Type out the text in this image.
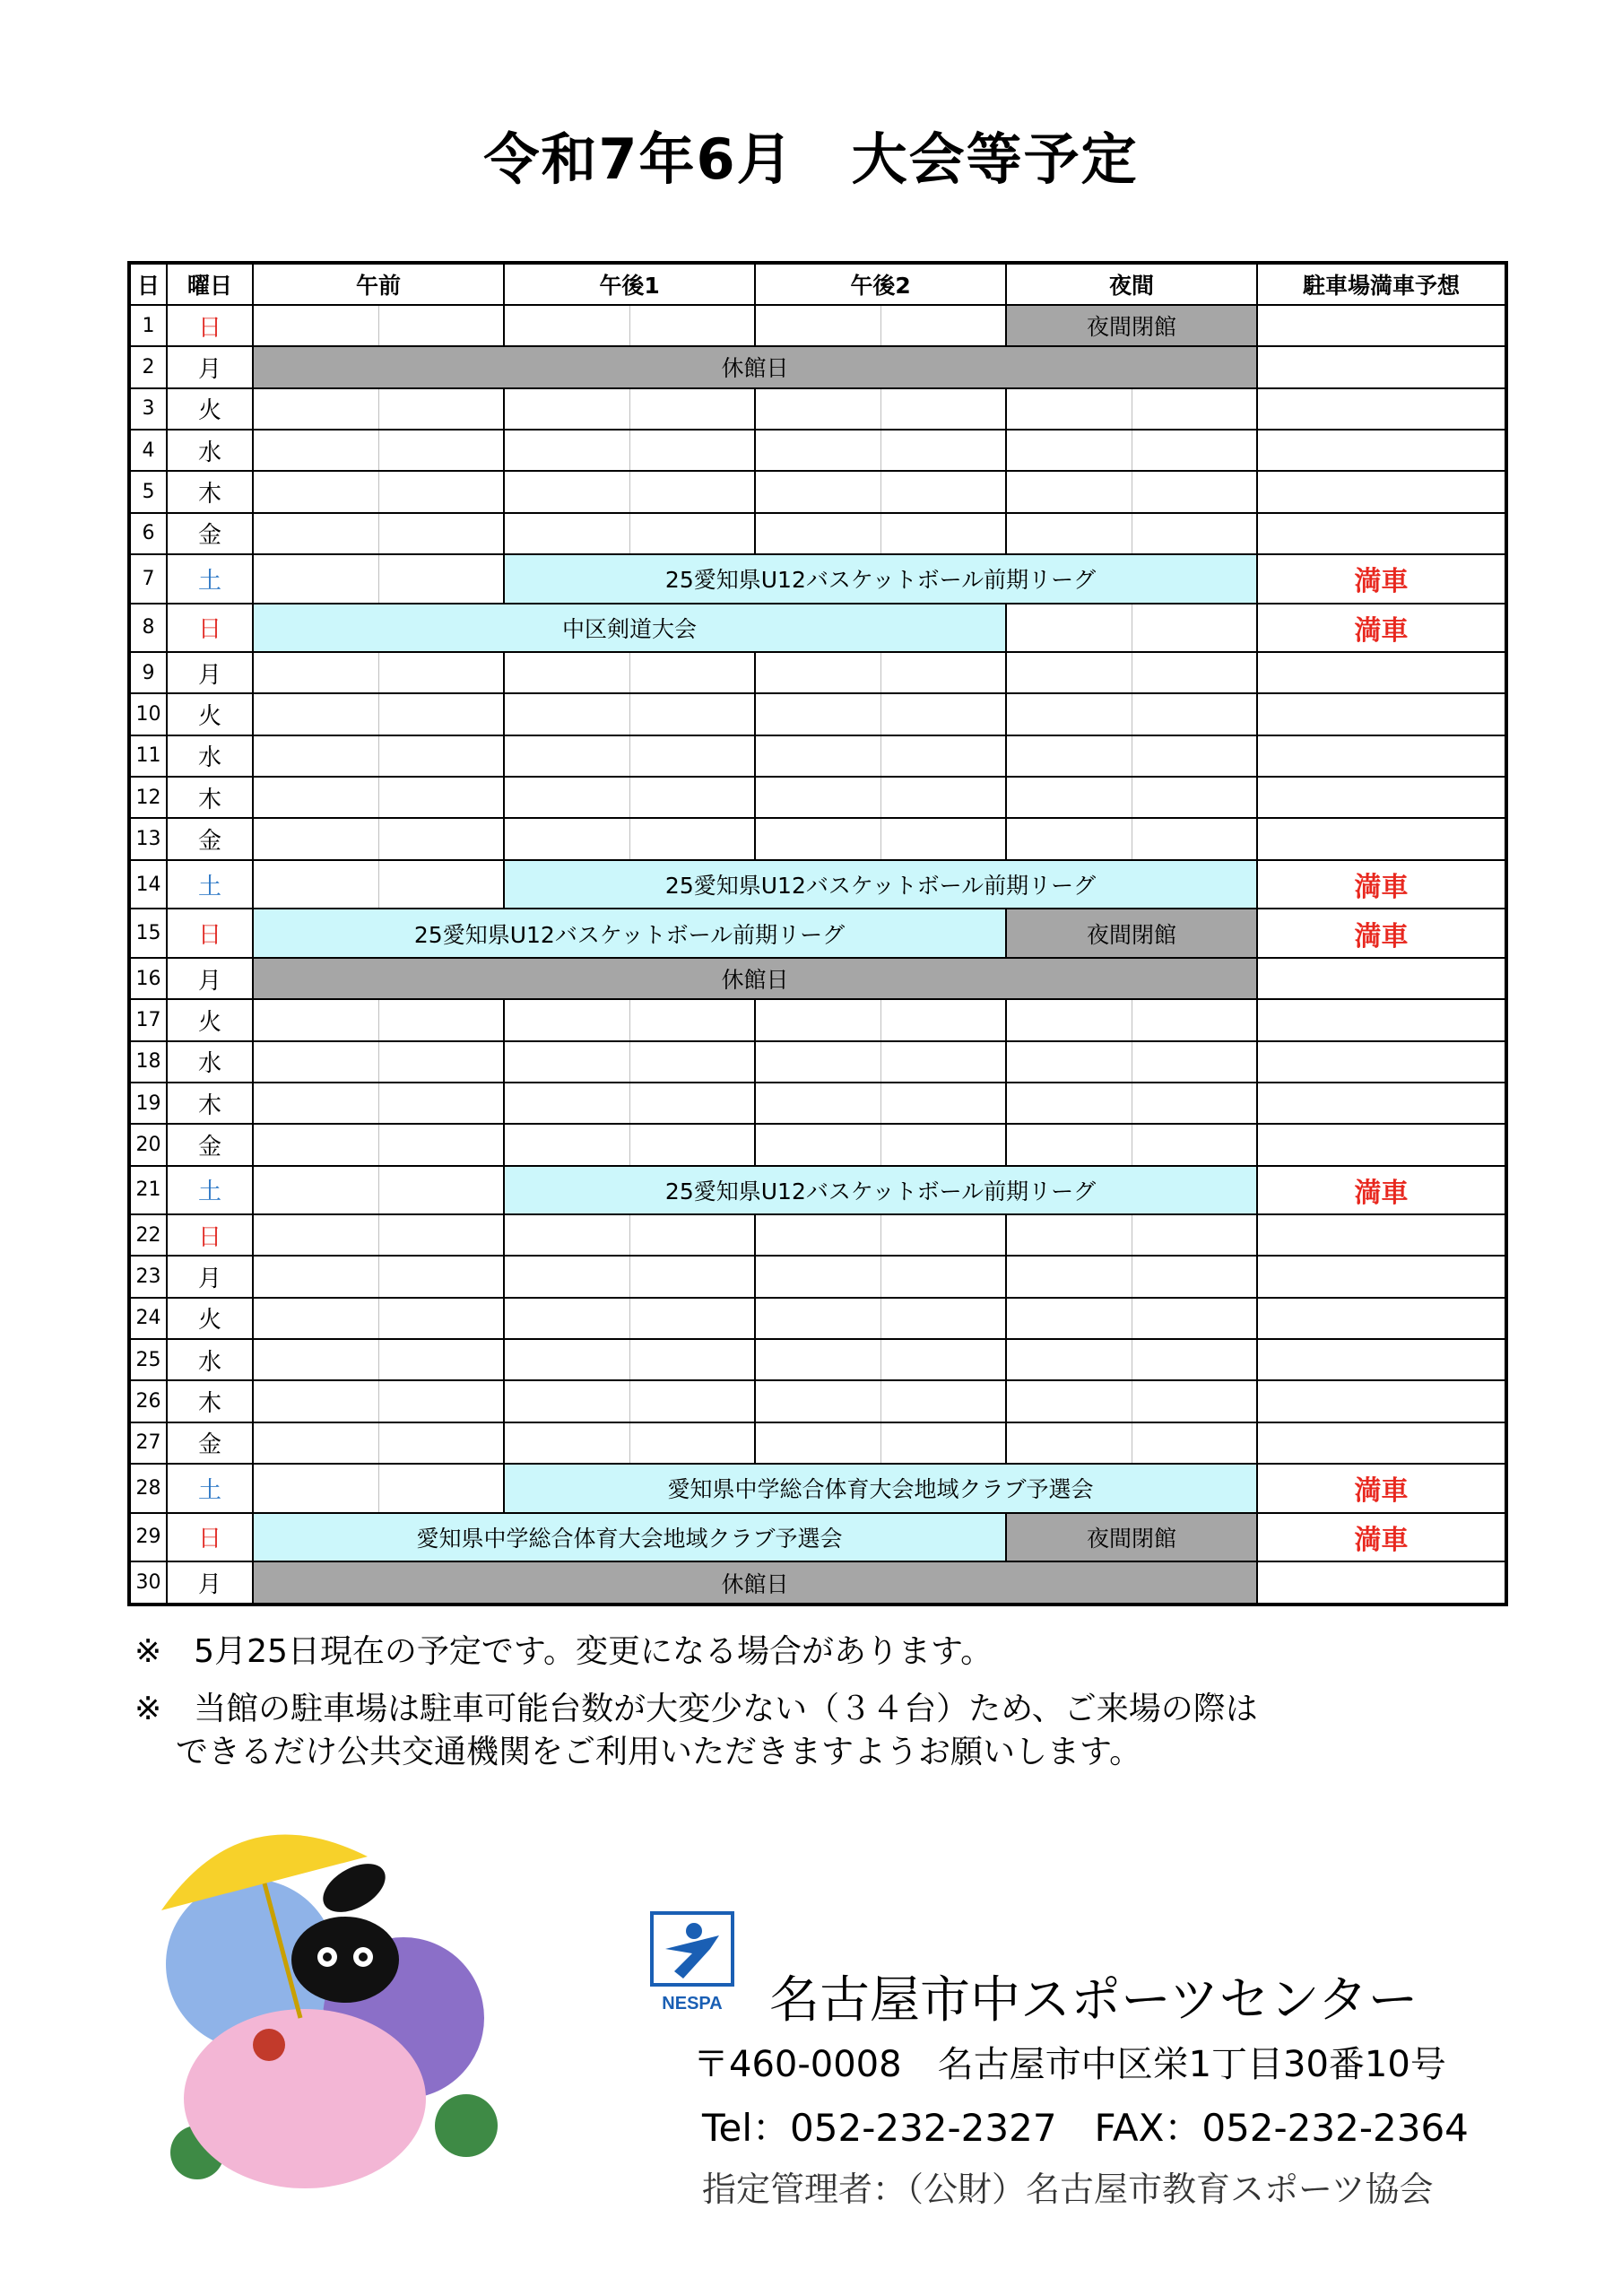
令和7年6月　大会等予定
日	曜日	午前		午後1		午後2		夜間		駐車場満車予想
1	日							夜間閉館		
2	月	休館日								
3	火									
4	水									
5	木									
6	金									
7	土			25愛知県U12バスケットボール前期リーグ						満車
8	日	中区剣道大会								満車
9	月									
10	火									
11	水									
12	木									
13	金									
14	土			25愛知県U12バスケットボール前期リーグ						満車
15	日	25愛知県U12バスケットボール前期リーグ						夜間閉館		満車
16	月	休館日								
17	火									
18	水									
19	木									
20	金									
21	土			25愛知県U12バスケットボール前期リーグ						満車
22	日									
23	月									
24	火									
25	水									
26	木									
27	金									
28	土			愛知県中学総合体育大会地域クラブ予選会						満車
29	日	愛知県中学総合体育大会地域クラブ予選会						夜間閉館		満車
30	月	休館日								
※　5月25日現在の予定です。変更になる場合があります。
※　当館の駐車場は駐車可能台数が大変少ない（３４台）ため、ご来場の際は
できるだけ公共交通機関をご利用いただきますようお願いします。
NESPA 名古屋市中スポーツセンター
〒460-0008　名古屋市中区栄1丁目30番10号
Tel：052-232-2327　FAX：052-232-2364
指定管理者：（公財）名古屋市教育スポーツ協会
